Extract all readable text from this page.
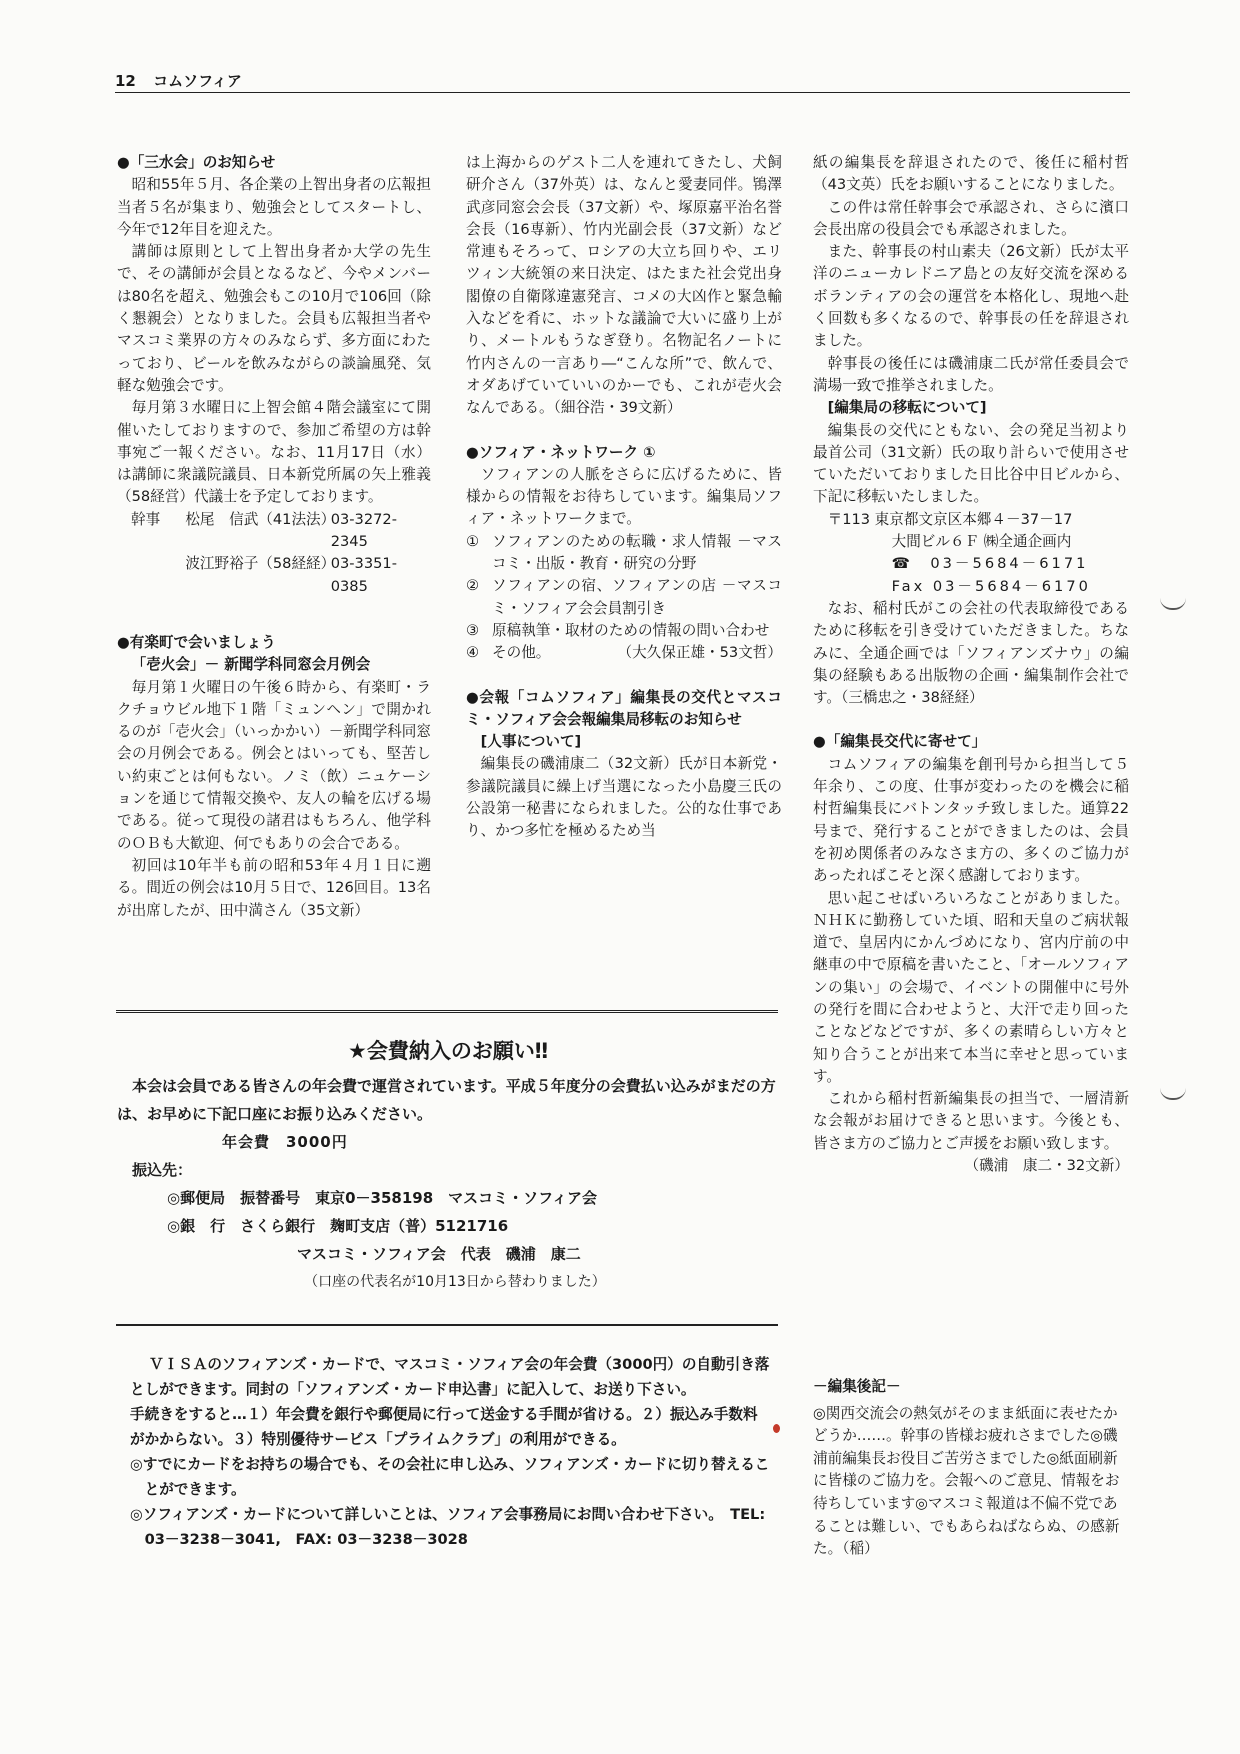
12 コムソフィア
●「三水会」のお知らせ

昭和55年５月、各企業の上智出身者の広報担当者５名が集まり、勉強会としてスタートし、今年で12年目を迎えた。

講師は原則として上智出身者か大学の先生で、その講師が会員となるなど、今やメンバーは80名を超え、勉強会もこの10月で106回（除く懇親会）となりました。会員も広報担当者やマスコミ業界の方々のみならず、多方面にわたっており、ビールを飲みながらの談論風発、気軽な勉強会です。

毎月第３水曜日に上智会館４階会議室にて開催いたしておりますので、参加ご希望の方は幹事宛ご一報ください。なお、11月17日（水）は講師に衆議院議員、日本新党所属の矢上雅義（58経営）代議士を予定しております。

幹事	松尾　信武（41法法）
03-3272-2345
波江野裕子（58経経）
03-3351-0385
●有楽町で会いましょう

「壱火会」－ 新聞学科同窓会月例会

毎月第１火曜日の午後６時から、有楽町・ラクチョウビル地下１階「ミュンヘン」で開かれるのが「壱火会」（いっかかい）－新聞学科同窓会の月例会である。例会とはいっても、堅苦しい約束ごとは何もない。ノミ（飲）ニュケーションを通じて情報交換や、友人の輪を広げる場である。従って現役の諸君はもちろん、他学科のＯＢも大歓迎、何でもありの会合である。

初回は10年半も前の昭和53年４月１日に遡る。間近の例会は10月５日で、126回目。13名が出席したが、田中満さん（35文新）

は上海からのゲスト二人を連れてきたし、犬飼研介さん（37外英）は、なんと愛妻同伴。鴇澤武彦同窓会会長（37文新）や、塚原嘉平治名誉会長（16専新）、竹内光副会長（37文新）など常連もそろって、ロシアの大立ち回りや、エリツィン大統領の来日決定、はたまた社会党出身閣僚の自衛隊違憲発言、コメの大凶作と緊急輸入などを肴に、ホットな議論で大いに盛り上がり、メートルもうなぎ登り。名物記名ノートに竹内さんの一言あり―“こんな所”で、飲んで、オダあげていていいのかーでも、これが壱火会なんである。（細谷浩・39文新）

●ソフィア・ネットワーク ①

ソフィアンの人脈をさらに広げるために、皆様からの情報をお待ちしています。編集局ソフィア・ネットワークまで。

① ソフィアンのための転職・求人情報 －マスコミ・出版・教育・研究の分野
② ソフィアンの宿、ソフィアンの店 －マスコミ・ソフィア会会員割引き
③ 原稿執筆・取材のための情報の問い合わせ
④ その他。	（大久保正雄・53文哲）
●会報「コムソフィア」編集長の交代とマスコミ・ソフィア会会報編集局移転のお知らせ

[人事について]

編集長の磯浦康二（32文新）氏が日本新党・参議院議員に繰上げ当選になった小島慶三氏の公設第一秘書になられました。公的な仕事であり、かつ多忙を極めるため当

紙の編集長を辞退されたので、後任に稲村哲（43文英）氏をお願いすることになりました。

この件は常任幹事会で承認され、さらに濱口会長出席の役員会でも承認されました。

また、幹事長の村山素夫（26文新）氏が太平洋のニューカレドニア島との友好交流を深めるボランティアの会の運営を本格化し、現地へ赴く回数も多くなるので、幹事長の任を辞退されました。

幹事長の後任には磯浦康二氏が常任委員会で満場一致で推挙されました。

[編集局の移転について]

編集長の交代にともない、会の発足当初より最首公司（31文新）氏の取り計らいで使用させていただいておりました日比谷中日ビルから、下記に移転いたしました。

〒113 東京都文京区本郷４－37－17

大間ビル６Ｆ ㈱全通企画内

☎　03－5684－6171

Fax 03－5684－6170

なお、稲村氏がこの会社の代表取締役であるために移転を引き受けていただきました。ちなみに、全通企画では「ソフィアンズナウ」の編集の経験もある出版物の企画・編集制作会社です。（三橋忠之・38経経）

●「編集長交代に寄せて」

コムソフィアの編集を創刊号から担当して５年余り、この度、仕事が変わったのを機会に稲村哲編集長にバトンタッチ致しました。通算22号まで、発行することができましたのは、会員を初め関係者のみなさま方の、多くのご協力があったればこそと深く感謝しております。

思い起こせばいろいろなことがありました。ＮＨＫに勤務していた頃、昭和天皇のご病状報道で、皇居内にかんづめになり、宮内庁前の中継車の中で原稿を書いたこと、「オールソフィアンの集い」の会場で、イベントの開催中に号外の発行を間に合わせようと、大汗で走り回ったことなどなどですが、多くの素晴らしい方々と知り合うことが出来て本当に幸せと思っています。

これから稲村哲新編集長の担当で、一層清新な会報がお届けできると思います。今後とも、皆さま方のご協力とご声援をお願い致します。

（磯浦　康二・32文新）

★会費納入のお願い‼

本会は会員である皆さんの年会費で運営されています。平成５年度分の会費払い込みがまだの方は、お早めに下記口座にお振り込みください。

年会費　3000円

振込先：

◎郵便局　振替番号　東京0－358198　マスコミ・ソフィア会

◎銀　行　さくら銀行　麹町支店（普）5121716

マスコミ・ソフィア会　代表　磯浦　康二

（口座の代表名が10月13日から替わりました）

ＶＩＳＡのソフィアンズ・カードで、マスコミ・ソフィア会の年会費（3000円）の自動引き落としができます。同封の「ソフィアンズ・カード申込書」に記入して、お送り下さい。

手続きをすると…１）年会費を銀行や郵便局に行って送金する手間が省ける。２）振込み手数料がかからない。３）特別優待サービス「プライムクラブ」の利用ができる。

◎すでにカードをお持ちの場合でも、その会社に申し込み、ソフィアンズ・カードに切り替えることができます。

◎ソフィアンズ・カードについて詳しいことは、ソフィア会事務局にお問い合わせ下さい。　TEL: 03－3238－3041,　FAX: 03－3238－3028

－編集後記－

◎関西交流会の熱気がそのまま紙面に表せたかどうか……。幹事の皆様お疲れさまでした◎磯浦前編集長お役目ご苦労さまでした◎紙面刷新に皆様のご協力を。会報へのご意見、情報をお待ちしています◎マスコミ報道は不偏不党であることは難しい、でもあらねばならぬ、の感新た。（稲）
